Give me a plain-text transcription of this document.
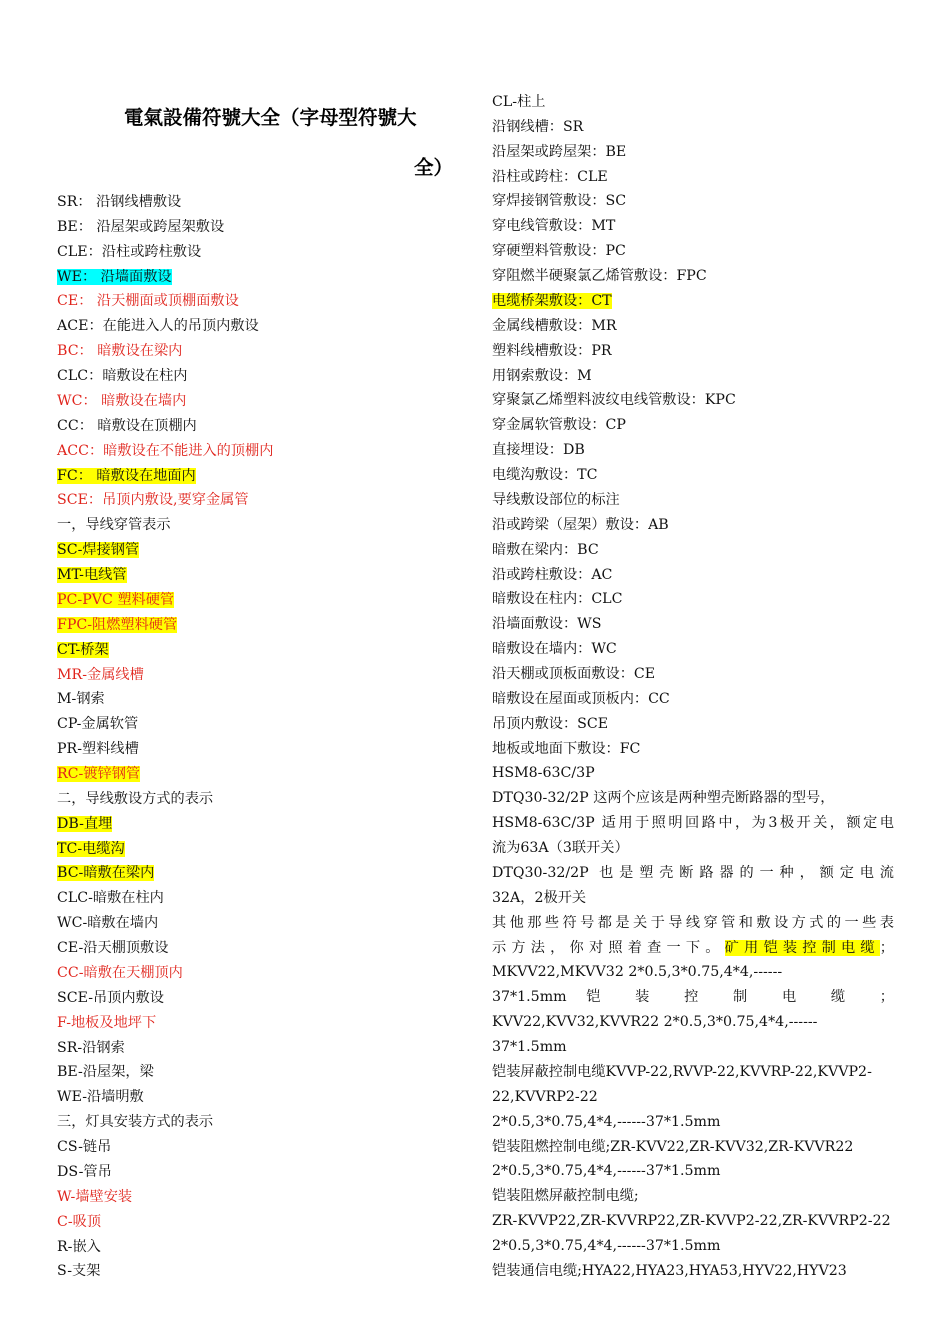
電氣設備符號大全（字母型符號大
全）
SR： 沿钢线槽敷设
BE： 沿屋架或跨屋架敷设
CLE：沿柱或跨柱敷设
WE： 沿墙面敷设
CE： 沿天棚面或顶棚面敷设
ACE：在能进入人的吊顶内敷设
BC： 暗敷设在梁内
CLC：暗敷设在柱内
WC： 暗敷设在墙内
CC： 暗敷设在顶棚内
ACC：暗敷设在不能进入的顶棚内
FC： 暗敷设在地面内
SCE：吊顶内敷设,要穿金属管
一，导线穿管表示
SC-焊接钢管
MT-电线管
PC-PVC 塑料硬管
FPC-阻燃塑料硬管
CT-桥架
MR-金属线槽
M-钢索
CP-金属软管
PR-塑料线槽
RC-镀锌钢管
二，导线敷设方式的表示
DB-直埋
TC-电缆沟
BC-暗敷在梁内
CLC-暗敷在柱内
WC-暗敷在墙内
CE-沿天棚顶敷设
CC-暗敷在天棚顶内
SCE-吊顶内敷设
F-地板及地坪下
SR-沿钢索
BE-沿屋架，梁
WE-沿墙明敷
三，灯具安装方式的表示
CS-链吊
DS-管吊
W-墙壁安装
C-吸顶
R-嵌入
S-支架
CL-柱上
沿钢线槽：SR
沿屋架或跨屋架：BE
沿柱或跨柱：CLE
穿焊接钢管敷设：SC
穿电线管敷设：MT
穿硬塑料管敷设：PC
穿阻燃半硬聚氯乙烯管敷设：FPC
电缆桥架敷设：CT
金属线槽敷设：MR
塑料线槽敷设：PR
用钢索敷设：M
穿聚氯乙烯塑料波纹电线管敷设：KPC
穿金属软管敷设：CP
直接埋设：DB
电缆沟敷设：TC
导线敷设部位的标注
沿或跨梁（屋架）敷设：AB
暗敷在梁内：BC
沿或跨柱敷设：AC
暗敷设在柱内：CLC
沿墙面敷设：WS
暗敷设在墙内：WC
沿天棚或顶板面敷设：CE
暗敷设在屋面或顶板内：CC
吊顶内敷设：SCE
地板或地面下敷设：FC
HSM8-63C/3P
DTQ30-32/2P 这两个应该是两种塑壳断路器的型号，
HSM8-63C/3P 适用于照明回路中，为3极开关，额定电
流为63A（3联开关）
DTQ30-32/2P 也是塑壳断路器的一种，额定电流
32A，2极开关
其他那些符号都是关于导线穿管和敷设方式的一些表
示方法，你对照着查一下。矿用铠装控制电缆；
MKVV22,MKVV32 2*0.5,3*0.75,4*4,------
37*1.5mm 铠 装 控 制 电 缆 ；
KVV22,KVV32,KVVR22 2*0.5,3*0.75,4*4,------
37*1.5mm
铠装屏蔽控制电缆KVVP-22,RVVP-22,KVVRP-22,KVVP2-
22,KVVRP2-22
2*0.5,3*0.75,4*4,------37*1.5mm
铠装阻燃控制电缆;ZR-KVV22,ZR-KVV32,ZR-KVVR22
2*0.5,3*0.75,4*4,------37*1.5mm
铠装阻燃屏蔽控制电缆;
ZR-KVVP22,ZR-KVVRP22,ZR-KVVP2-22,ZR-KVVRP2-22
2*0.5,3*0.75,4*4,------37*1.5mm
铠装通信电缆;HYA22,HYA23,HYA53,HYV22,HYV23
